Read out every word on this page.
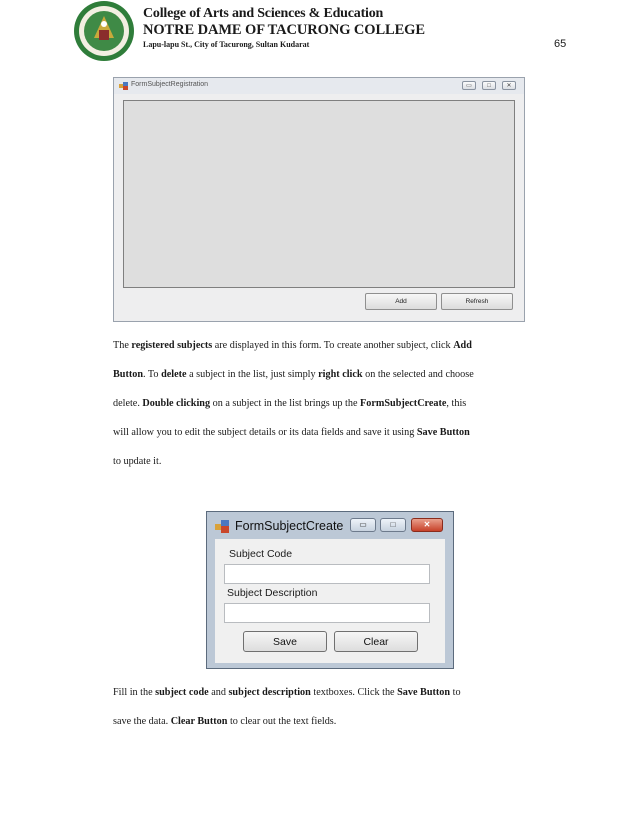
College of Arts and Sciences & Education
NOTRE DAME OF TACURONG COLLEGE
Lapu-lapu St., City of Tacurong, Sultan Kudarat	65
FormSubjectRegistration	▭	□	✕
Add	Refresh
The registered subjects are displayed in this form. To create another subject, click Add
Button. To delete a subject in the list, just simply right click on the selected and choose
delete. Double clicking on a subject in the list brings up the FormSubjectCreate, this
will allow you to edit the subject details or its data fields and save it using Save Button
to update it.
FormSubjectCreate	▭	□	✕
Subject Code
Subject Description
Save	Clear
Fill in the subject code and subject description textboxes. Click the Save Button to
save the data. Clear Button to clear out the text fields.
